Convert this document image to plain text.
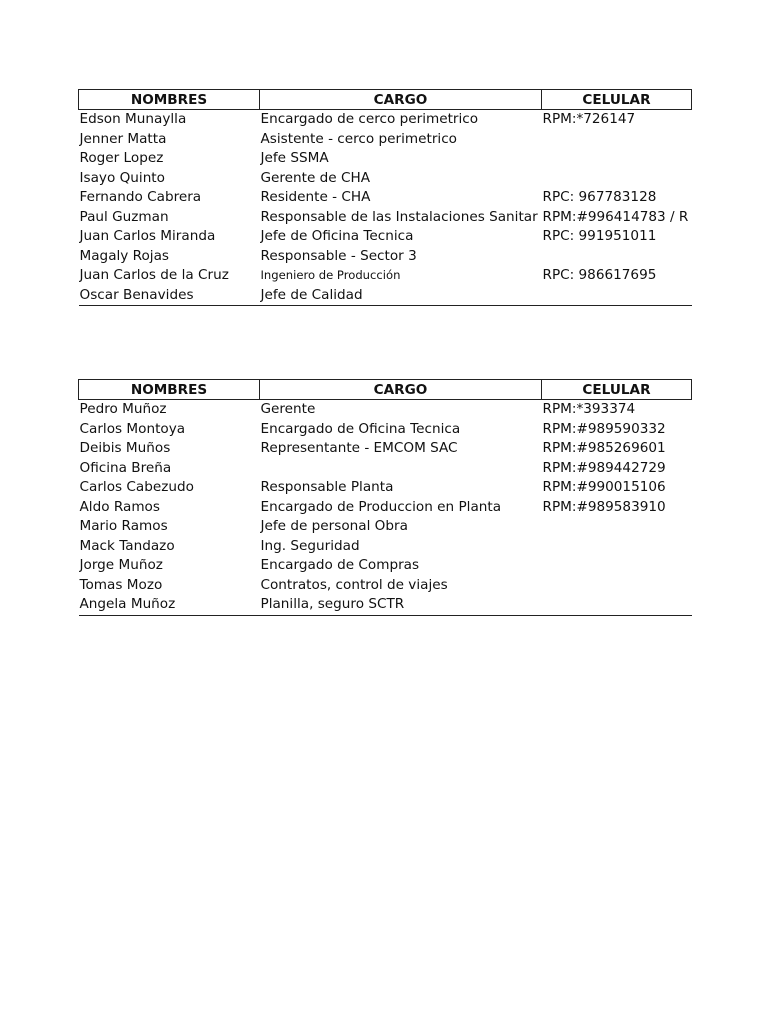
NOMBRES	CARGO	CELULAR
Edson Munaylla	Encargado de cerco perimetrico	RPM:*726147
Jenner Matta	Asistente - cerco perimetrico	
Roger Lopez	Jefe SSMA	
Isayo Quinto	Gerente de CHA	
Fernando Cabrera	Residente - CHA	RPC: 967783128
Paul Guzman	Responsable de las Instalaciones Sanitar	RPM:#996414783 / R
Juan Carlos Miranda	Jefe de Oficina Tecnica	RPC: 991951011
Magaly Rojas	Responsable - Sector 3	
Juan Carlos de la Cruz	Ingeniero de Producción	RPC: 986617695
Oscar Benavides	Jefe de Calidad	
NOMBRES	CARGO	CELULAR
Pedro Muñoz	Gerente	RPM:*393374
Carlos Montoya	Encargado de Oficina Tecnica	RPM:#989590332
Deibis Muños	Representante - EMCOM SAC	RPM:#985269601
Oficina Breña		RPM:#989442729
Carlos Cabezudo	Responsable Planta	RPM:#990015106
Aldo Ramos	Encargado de Produccion en Planta	RPM:#989583910
Mario Ramos	Jefe de personal Obra	
Mack Tandazo	Ing. Seguridad	
Jorge Muñoz	Encargado de Compras	
Tomas Mozo	Contratos, control de viajes	
Angela Muñoz	Planilla, seguro SCTR	
